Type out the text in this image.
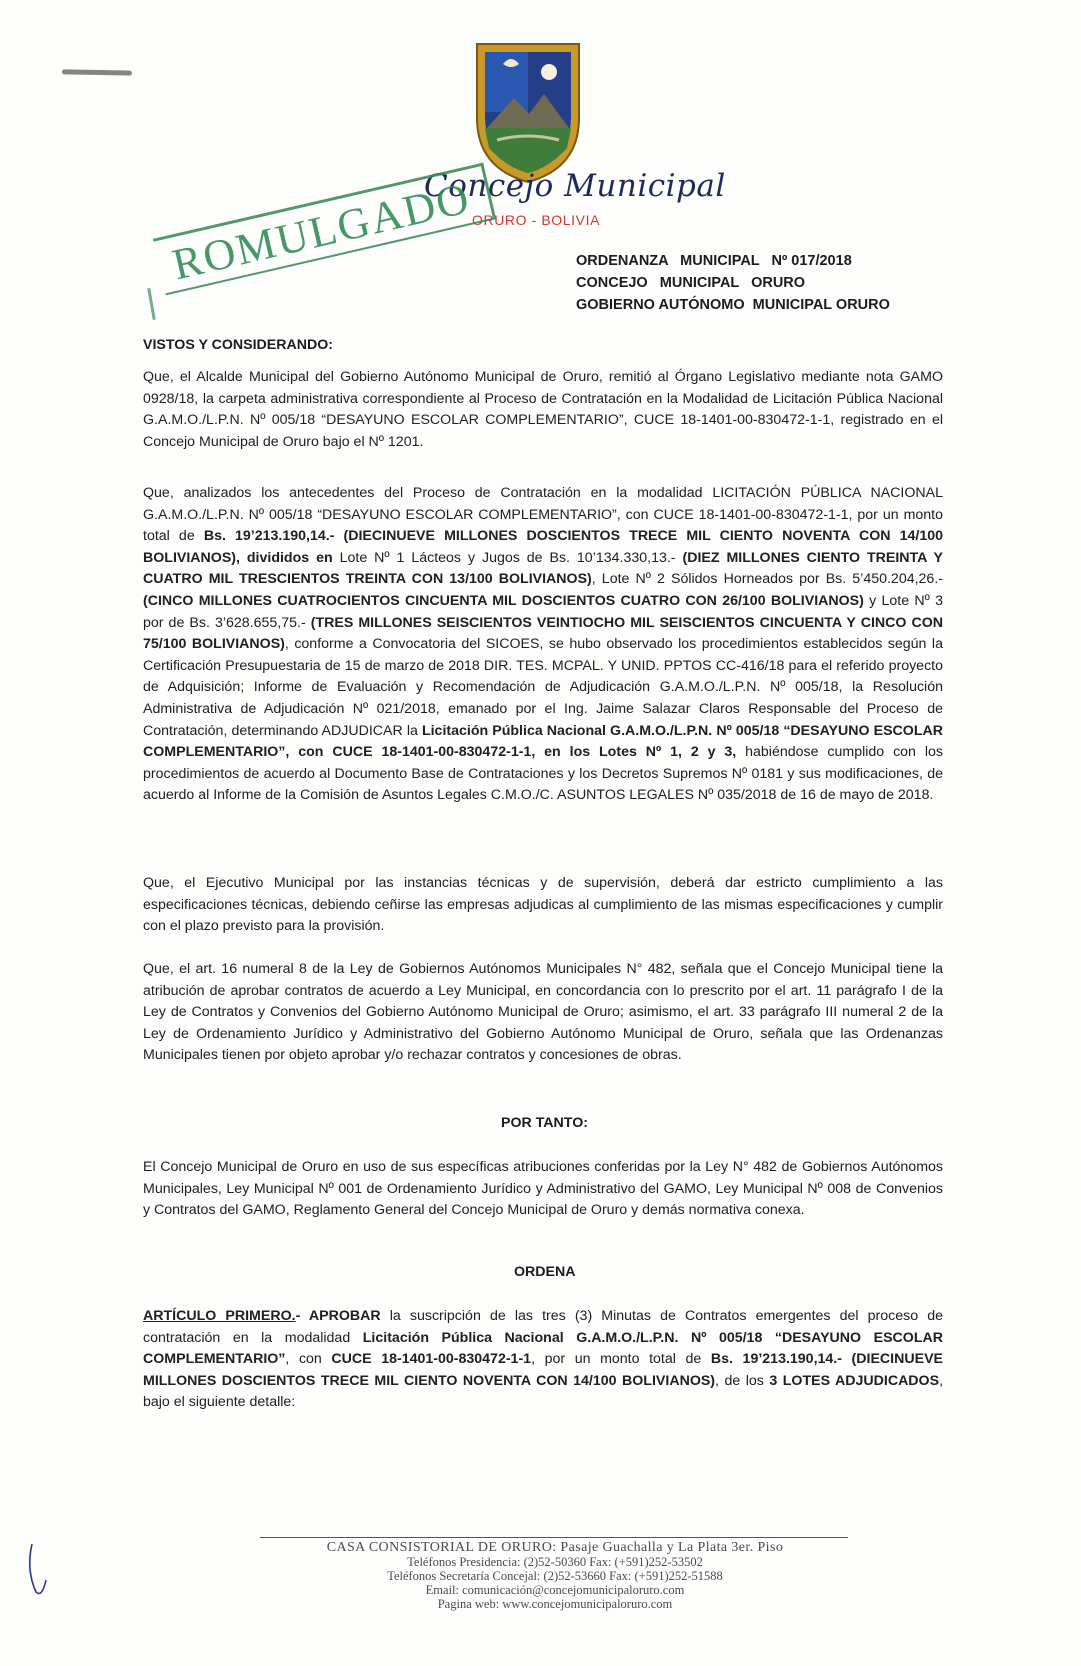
Concejo Municipal
ORURO - BOLIVIA
ROMULGADO	ORDENANZA   MUNICIPAL   Nº 017/2018
CONCEJO   MUNICIPAL   ORURO
GOBIERNO AUTÓNOMO  MUNICIPAL ORURO
VISTOS Y CONSIDERANDO:

Que, el Alcalde Municipal del Gobierno Autónomo Municipal de Oruro, remitió al Órgano Legislativo mediante nota GAMO 0928/18, la carpeta administrativa correspondiente al Proceso de Contratación en la Modalidad de Licitación Pública Nacional G.A.M.O./L.P.N. Nº 005/18 “DESAYUNO ESCOLAR COMPLEMENTARIO”, CUCE 18-1401-00-830472-1-1, registrado en el Concejo Municipal de Oruro bajo el Nº 1201.

Que, analizados los antecedentes del Proceso de Contratación en la modalidad LICITACIÓN PÚBLICA NACIONAL G.A.M.O./L.P.N. Nº 005/18 “DESAYUNO ESCOLAR COMPLEMENTARIO”, con CUCE 18-1401-00-830472-1-1, por un monto total de Bs. 19’213.190,14.- (DIECINUEVE MILLONES DOSCIENTOS TRECE MIL CIENTO NOVENTA CON 14/100 BOLIVIANOS), divididos en Lote Nº 1 Lácteos y Jugos de Bs. 10’134.330,13.- (DIEZ MILLONES CIENTO TREINTA Y CUATRO MIL TRESCIENTOS TREINTA CON 13/100 BOLIVIANOS), Lote Nº 2 Sólidos Horneados por Bs. 5’450.204,26.- (CINCO MILLONES CUATROCIENTOS CINCUENTA MIL DOSCIENTOS CUATRO CON 26/100 BOLIVIANOS) y Lote Nº 3 por de Bs. 3’628.655,75.- (TRES MILLONES SEISCIENTOS VEINTIOCHO MIL SEISCIENTOS CINCUENTA Y CINCO CON 75/100 BOLIVIANOS), conforme a Convocatoria del SICOES, se hubo observado los procedimientos establecidos según la Certificación Presupuestaria de 15 de marzo de 2018 DIR. TES. MCPAL. Y UNID. PPTOS CC-416/18 para el referido proyecto de Adquisición; Informe de Evaluación y Recomendación de Adjudicación G.A.M.O./L.P.N. Nº 005/18, la Resolución Administrativa de Adjudicación Nº 021/2018, emanado por el Ing. Jaime Salazar Claros Responsable del Proceso de Contratación, determinando ADJUDICAR la Licitación Pública Nacional G.A.M.O./L.P.N. Nº 005/18 “DESAYUNO ESCOLAR COMPLEMENTARIO”, con CUCE 18-1401-00-830472-1-1, en los Lotes Nº 1, 2 y 3, habiéndose cumplido con los procedimientos de acuerdo al Documento Base de Contrataciones y los Decretos Supremos Nº 0181 y sus modificaciones, de acuerdo al Informe de la Comisión de Asuntos Legales C.M.O./C. ASUNTOS LEGALES Nº 035/2018 de 16 de mayo de 2018.

Que, el Ejecutivo Municipal por las instancias técnicas y de supervisión, deberá dar estricto cumplimiento a las especificaciones técnicas, debiendo ceñirse las empresas adjudicas al cumplimiento de las mismas especificaciones y cumplir con el plazo previsto para la provisión.

Que, el art. 16 numeral 8 de la Ley de Gobiernos Autónomos Municipales N° 482, señala que el Concejo Municipal tiene la atribución de aprobar contratos de acuerdo a Ley Municipal, en concordancia con lo prescrito por el art. 11 parágrafo I de la Ley de Contratos y Convenios del Gobierno Autónomo Municipal de Oruro; asimismo, el art. 33 parágrafo III numeral 2 de la Ley de Ordenamiento Jurídico y Administrativo del Gobierno Autónomo Municipal de Oruro, señala que las Ordenanzas Municipales tienen por objeto aprobar y/o rechazar contratos y concesiones de obras.

POR TANTO:

El Concejo Municipal de Oruro en uso de sus específicas atribuciones conferidas por la Ley N° 482 de Gobiernos Autónomos Municipales, Ley Municipal Nº 001 de Ordenamiento Jurídico y Administrativo del GAMO, Ley Municipal Nº 008 de Convenios y Contratos del GAMO, Reglamento General del Concejo Municipal de Oruro y demás normativa conexa.

ORDENA

ARTÍCULO PRIMERO.- APROBAR la suscripción de las tres (3) Minutas de Contratos emergentes del proceso de contratación en la modalidad Licitación Pública Nacional G.A.M.O./L.P.N. Nº 005/18 “DESAYUNO ESCOLAR COMPLEMENTARIO”, con CUCE 18-1401-00-830472-1-1, por un monto total de Bs. 19’213.190,14.- (DIECINUEVE MILLONES DOSCIENTOS TRECE MIL CIENTO NOVENTA CON 14/100 BOLIVIANOS), de los 3 LOTES ADJUDICADOS, bajo el siguiente detalle:

CASA CONSISTORIAL DE ORURO: Pasaje Guachalla y La Plata 3er. Piso
Teléfonos Presidencia: (2)52-50360 Fax: (+591)252-53502
Teléfonos Secretaría Concejal: (2)52-53660 Fax: (+591)252-51588
Email: comunicación@concejomunicipaloruro.com
Pagina web: www.concejomunicipaloruro.com
